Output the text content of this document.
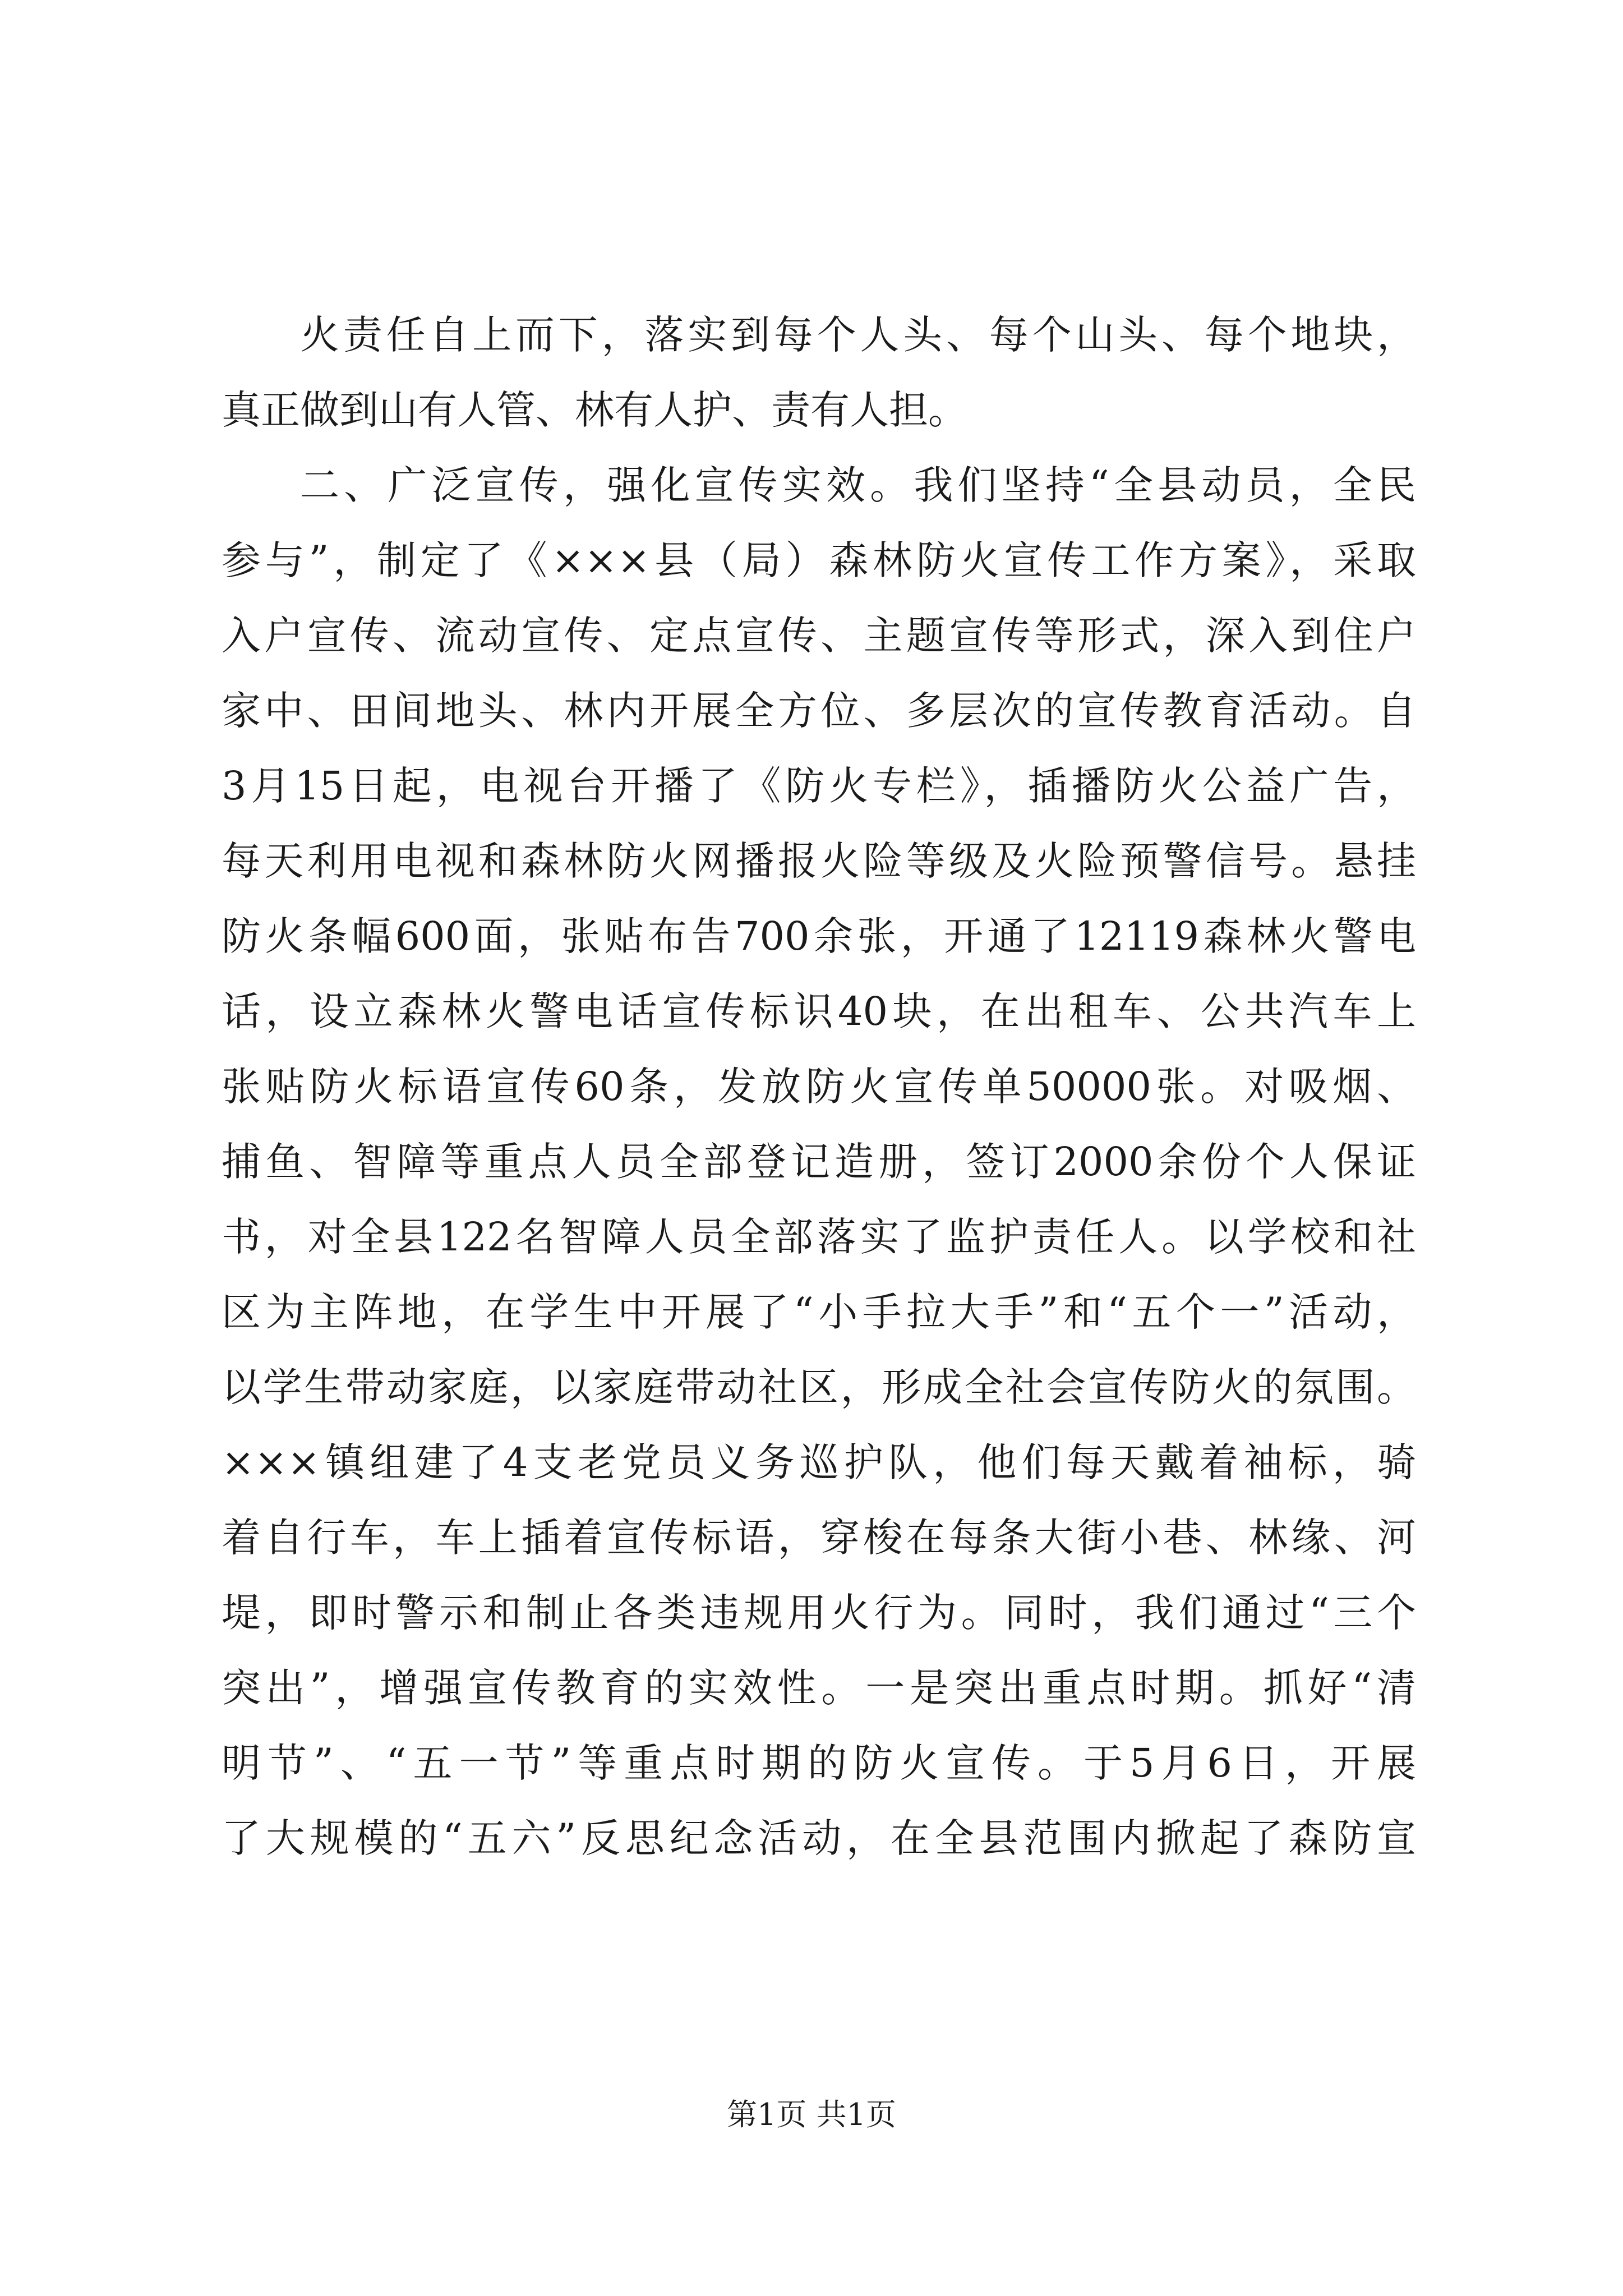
火责任自上而下，落实到每个人头、每个山头、每个地块，
真正做到山有人管、林有人护、责有人担。
二、广泛宣传，强化宣传实效。我们坚持“全县动员，全民
参与”，制定了《×××县（局）森林防火宣传工作方案》，采取
入户宣传、流动宣传、定点宣传、主题宣传等形式，深入到住户
家中、田间地头、林内开展全方位、多层次的宣传教育活动。自
3月15日起，电视台开播了《防火专栏》，插播防火公益广告，
每天利用电视和森林防火网播报火险等级及火险预警信号。悬挂
防火条幅600面，张贴布告700余张，开通了12119森林火警电
话，设立森林火警电话宣传标识40块，在出租车、公共汽车上
张贴防火标语宣传60条，发放防火宣传单50000张。对吸烟、
捕鱼、智障等重点人员全部登记造册，签订2000余份个人保证
书，对全县122名智障人员全部落实了监护责任人。以学校和社
区为主阵地，在学生中开展了“小手拉大手”和“五个一”活动，
以学生带动家庭，以家庭带动社区，形成全社会宣传防火的氛围。
×××镇组建了4支老党员义务巡护队，他们每天戴着袖标，骑
着自行车，车上插着宣传标语，穿梭在每条大街小巷、林缘、河
堤，即时警示和制止各类违规用火行为。同时，我们通过“三个
突出”，增强宣传教育的实效性。一是突出重点时期。抓好“清
明节”、“五一节”等重点时期的防火宣传。于5月6日，开展
了大规模的“五六”反思纪念活动，在全县范围内掀起了森防宣
第1页 共1页
